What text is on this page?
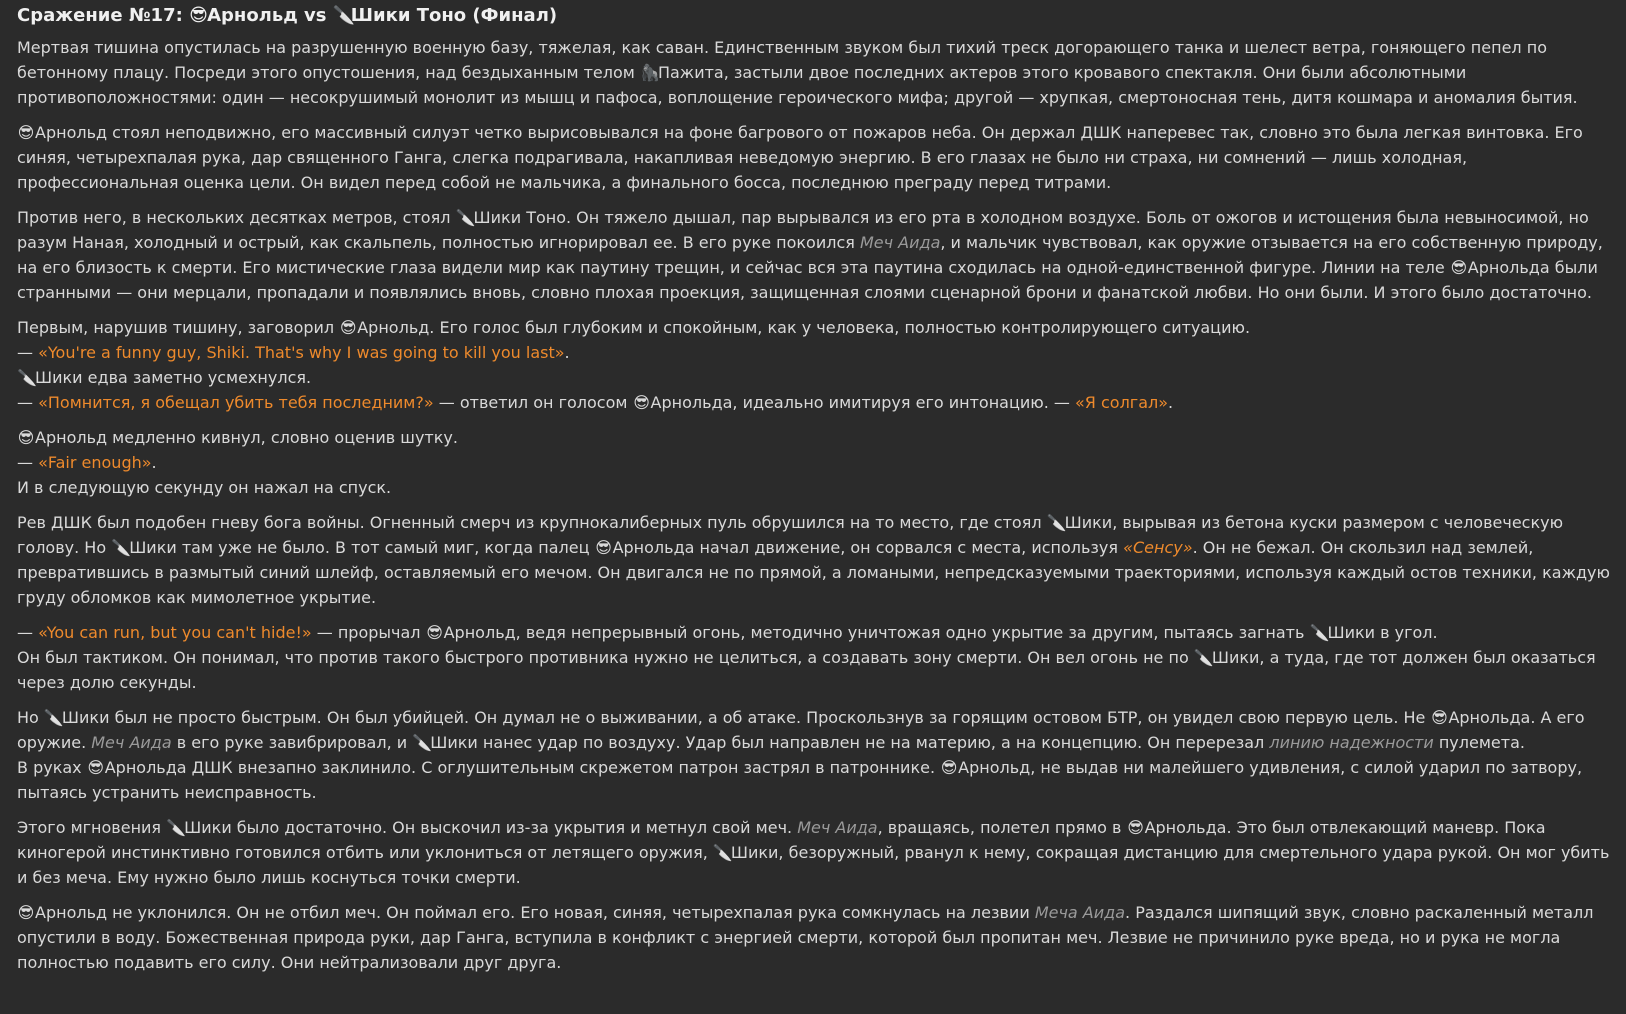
Сражение №17: 😎Арнольд vs 🔪Шики Тоно (Финал)

Мертвая тишина опустилась на разрушенную военную базу, тяжелая, как саван. Единственным звуком был тихий треск догорающего танка и шелест ветра, гоняющего пепел по бетонному плацу. Посреди этого опустошения, над бездыханным телом 🦍Пажита, застыли двое последних актеров этого кровавого спектакля. Они были абсолютными противоположностями: один — несокрушимый монолит из мышц и пафоса, воплощение героического мифа; другой — хрупкая, смертоносная тень, дитя кошмара и аномалия бытия.

😎Арнольд стоял неподвижно, его массивный силуэт четко вырисовывался на фоне багрового от пожаров неба. Он держал ДШК наперевес так, словно это была легкая винтовка. Его синяя, четырехпалая рука, дар священного Ганга, слегка подрагивала, накапливая неведомую энергию. В его глазах не было ни страха, ни сомнений — лишь холодная, профессиональная оценка цели. Он видел перед собой не мальчика, а финального босса, последнюю преграду перед титрами.

Против него, в нескольких десятках метров, стоял 🔪Шики Тоно. Он тяжело дышал, пар вырывался из его рта в холодном воздухе. Боль от ожогов и истощения была невыносимой, но разум Наная, холодный и острый, как скальпель, полностью игнорировал ее. В его руке покоился Меч Аида, и мальчик чувствовал, как оружие отзывается на его собственную природу, на его близость к смерти. Его мистические глаза видели мир как паутину трещин, и сейчас вся эта паутина сходилась на одной-единственной фигуре. Линии на теле 😎Арнольда были странными — они мерцали, пропадали и появлялись вновь, словно плохая проекция, защищенная слоями сценарной брони и фанатской любви. Но они были. И этого было достаточно.

Первым, нарушив тишину, заговорил 😎Арнольд. Его голос был глубоким и спокойным, как у человека, полностью контролирующего ситуацию.
— «You're a funny guy, Shiki. That's why I was going to kill you last».
🔪Шики едва заметно усмехнулся.
— «Помнится, я обещал убить тебя последним?» — ответил он голосом 😎Арнольда, идеально имитируя его интонацию. — «Я солгал».

😎Арнольд медленно кивнул, словно оценив шутку.
— «Fair enough».
И в следующую секунду он нажал на спуск.

Рев ДШК был подобен гневу бога войны. Огненный смерч из крупнокалиберных пуль обрушился на то место, где стоял 🔪Шики, вырывая из бетона куски размером с человеческую голову. Но 🔪Шики там уже не было. В тот самый миг, когда палец 😎Арнольда начал движение, он сорвался с места, используя «Сенсу». Он не бежал. Он скользил над землей, превратившись в размытый синий шлейф, оставляемый его мечом. Он двигался не по прямой, а ломаными, непредсказуемыми траекториями, используя каждый остов техники, каждую груду обломков как мимолетное укрытие.

— «You can run, but you can't hide!» — прорычал 😎Арнольд, ведя непрерывный огонь, методично уничтожая одно укрытие за другим, пытаясь загнать 🔪Шики в угол.
Он был тактиком. Он понимал, что против такого быстрого противника нужно не целиться, а создавать зону смерти. Он вел огонь не по 🔪Шики, а туда, где тот должен был оказаться через долю секунды.

Но 🔪Шики был не просто быстрым. Он был убийцей. Он думал не о выживании, а об атаке. Проскользнув за горящим остовом БТР, он увидел свою первую цель. Не 😎Арнольда. А его оружие. Меч Аида в его руке завибрировал, и 🔪Шики нанес удар по воздуху. Удар был направлен не на материю, а на концепцию. Он перерезал линию надежности пулемета.
В руках 😎Арнольда ДШК внезапно заклинило. С оглушительным скрежетом патрон застрял в патроннике. 😎Арнольд, не выдав ни малейшего удивления, с силой ударил по затвору, пытаясь устранить неисправность.

Этого мгновения 🔪Шики было достаточно. Он выскочил из-за укрытия и метнул свой меч. Меч Аида, вращаясь, полетел прямо в 😎Арнольда. Это был отвлекающий маневр. Пока киногерой инстинктивно готовился отбить или уклониться от летящего оружия, 🔪Шики, безоружный, рванул к нему, сокращая дистанцию для смертельного удара рукой. Он мог убить и без меча. Ему нужно было лишь коснуться точки смерти.

😎Арнольд не уклонился. Он не отбил меч. Он поймал его. Его новая, синяя, четырехпалая рука сомкнулась на лезвии Меча Аида. Раздался шипящий звук, словно раскаленный металл опустили в воду. Божественная природа руки, дар Ганга, вступила в конфликт с энергией смерти, которой был пропитан меч. Лезвие не причинило руке вреда, но и рука не могла полностью подавить его силу. Они нейтрализовали друг друга.
